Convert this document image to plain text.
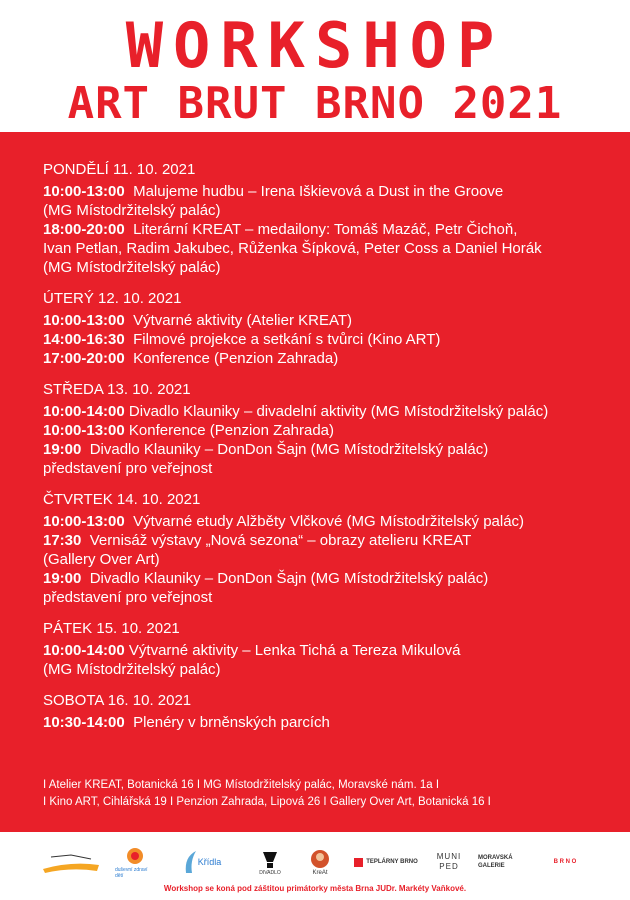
WORKSHOP
ART BRUT BRNO 2021
PONDĚLÍ 11. 10. 2021
10:00-13:00  Malujeme hudbu – Irena Iškievová a Dust in the Groove
(MG Místodržitelský palác)
18:00-20:00  Literární KREAT – medailony: Tomáš Mazáč, Petr Čichoň,
Ivan Petlan, Radim Jakubec, Růženka Šípková, Peter Coss a Daniel Horák
(MG Místodržitelský palác)
ÚTERÝ 12. 10. 2021
10:00-13:00  Výtvarné aktivity (Atelier KREAT)
14:00-16:30  Filmové projekce a setkání s tvůrci (Kino ART)
17:00-20:00  Konference (Penzion Zahrada)
STŘEDA 13. 10. 2021
10:00-14:00 Divadlo Klauniky – divadelní aktivity (MG Místodržitelský palác)
10:00-13:00 Konference (Penzion Zahrada)
19:00  Divadlo Klauniky – DonDon Šajn (MG Místodržitelský palác)
představení pro veřejnost
ČTVRTEK 14. 10. 2021
10:00-13:00  Výtvarné etudy Alžběty Vlčkové (MG Místodržitelský palác)
17:30  Vernisáž výstavy „Nová sezona“ – obrazy atelieru KREAT
(Gallery Over Art)
19:00  Divadlo Klauniky – DonDon Šajn (MG Místodržitelský palác)
představení pro veřejnost
PÁTEK 15. 10. 2021
10:00-14:00 Výtvarné aktivity – Lenka Tichá a Tereza Mikulová
(MG Místodržitelský palác)
SOBOTA 16. 10. 2021
10:30-14:00  Plenéry v brněnských parcích
I Atelier KREAT, Botanická 16 I MG Místodržitelský palác, Moravské nám. 1a I
I Kino ART, Cihlářská 19 I Penzion Zahrada, Lipová 26 I Gallery Over Art, Botanická 16 I
duševní zdraví dětí
Křídla
DIVADLO	KreAt
TEPLÁRNY BRNO
MUNI PED
MORAVSKÁ GALERIE
B R N O
Workshop se koná pod záštitou primátorky města Brna JUDr. Markéty Vaňkové.
